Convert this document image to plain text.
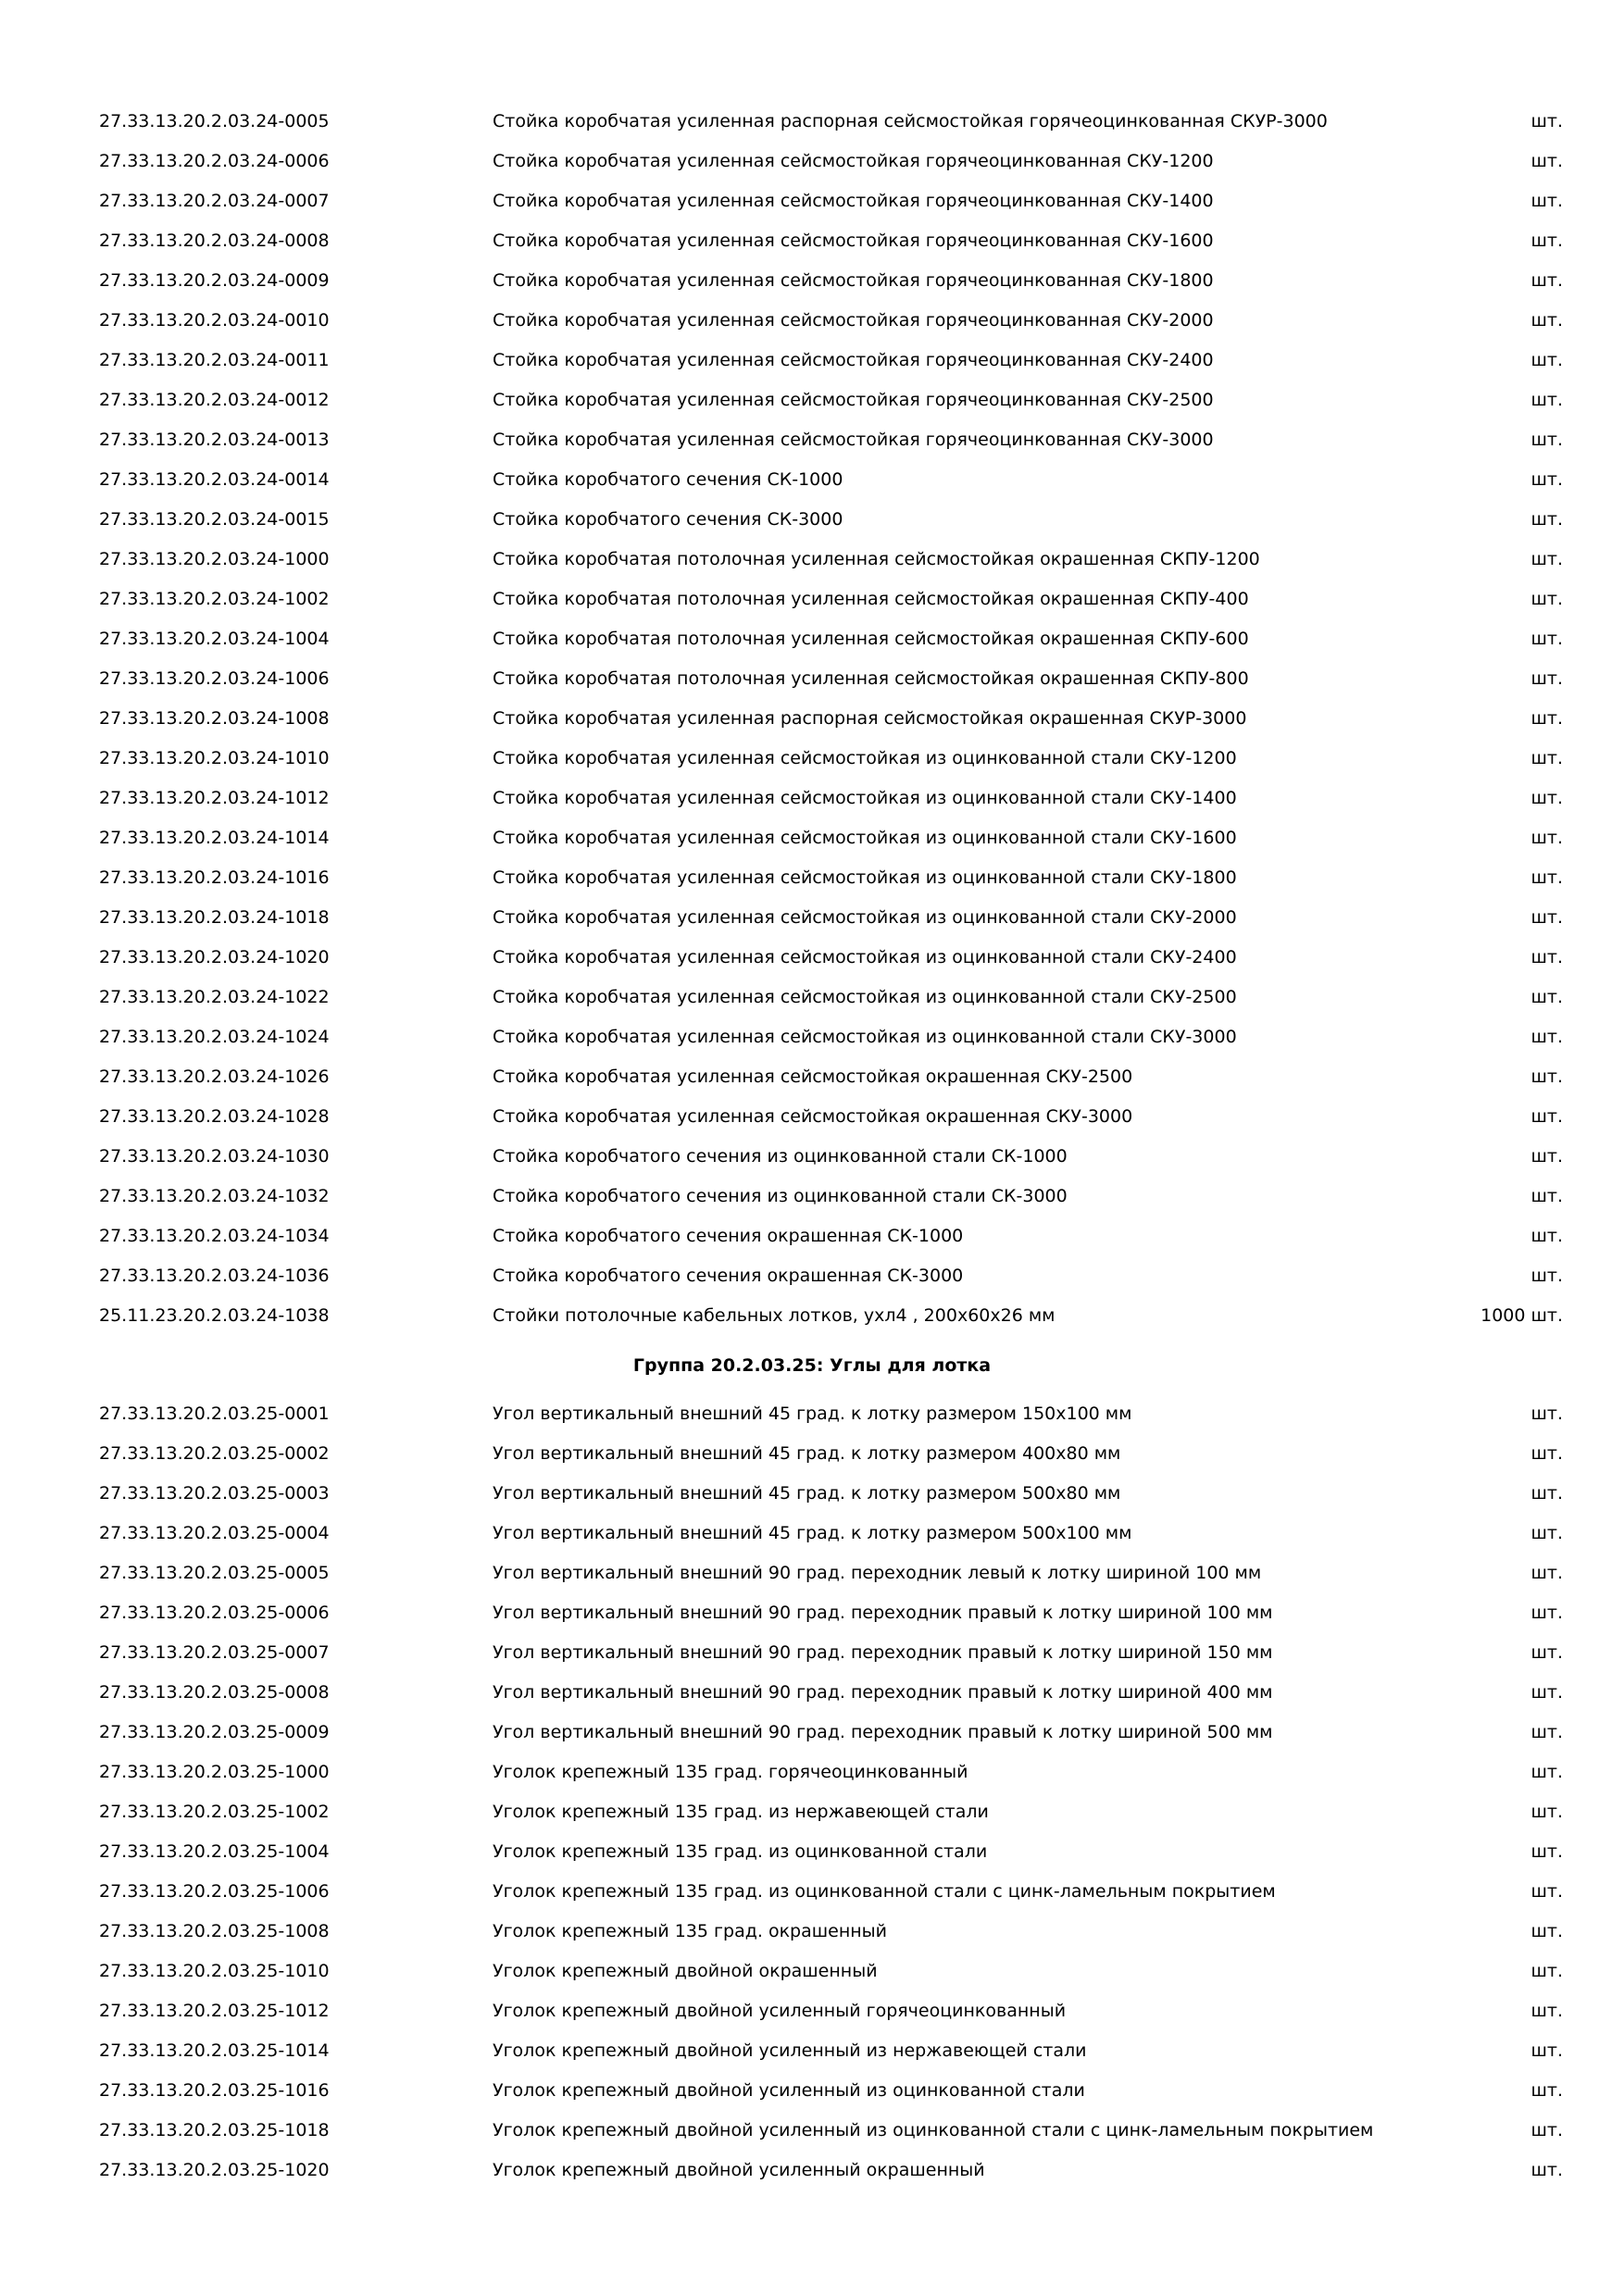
27.33.13.20.2.03.24-0005	Стойка коробчатая усиленная распорная сейсмостойкая горячеоцинкованная СКУР-3000	шт.
27.33.13.20.2.03.24-0006	Стойка коробчатая усиленная сейсмостойкая горячеоцинкованная СКУ-1200	шт.
27.33.13.20.2.03.24-0007	Стойка коробчатая усиленная сейсмостойкая горячеоцинкованная СКУ-1400	шт.
27.33.13.20.2.03.24-0008	Стойка коробчатая усиленная сейсмостойкая горячеоцинкованная СКУ-1600	шт.
27.33.13.20.2.03.24-0009	Стойка коробчатая усиленная сейсмостойкая горячеоцинкованная СКУ-1800	шт.
27.33.13.20.2.03.24-0010	Стойка коробчатая усиленная сейсмостойкая горячеоцинкованная СКУ-2000	шт.
27.33.13.20.2.03.24-0011	Стойка коробчатая усиленная сейсмостойкая горячеоцинкованная СКУ-2400	шт.
27.33.13.20.2.03.24-0012	Стойка коробчатая усиленная сейсмостойкая горячеоцинкованная СКУ-2500	шт.
27.33.13.20.2.03.24-0013	Стойка коробчатая усиленная сейсмостойкая горячеоцинкованная СКУ-3000	шт.
27.33.13.20.2.03.24-0014	Стойка коробчатого сечения СК-1000	шт.
27.33.13.20.2.03.24-0015	Стойка коробчатого сечения СК-3000	шт.
27.33.13.20.2.03.24-1000	Стойка коробчатая потолочная усиленная сейсмостойкая окрашенная СКПУ-1200	шт.
27.33.13.20.2.03.24-1002	Стойка коробчатая потолочная усиленная сейсмостойкая окрашенная СКПУ-400	шт.
27.33.13.20.2.03.24-1004	Стойка коробчатая потолочная усиленная сейсмостойкая окрашенная СКПУ-600	шт.
27.33.13.20.2.03.24-1006	Стойка коробчатая потолочная усиленная сейсмостойкая окрашенная СКПУ-800	шт.
27.33.13.20.2.03.24-1008	Стойка коробчатая усиленная распорная сейсмостойкая окрашенная СКУР-3000	шт.
27.33.13.20.2.03.24-1010	Стойка коробчатая усиленная сейсмостойкая из оцинкованной стали СКУ-1200	шт.
27.33.13.20.2.03.24-1012	Стойка коробчатая усиленная сейсмостойкая из оцинкованной стали СКУ-1400	шт.
27.33.13.20.2.03.24-1014	Стойка коробчатая усиленная сейсмостойкая из оцинкованной стали СКУ-1600	шт.
27.33.13.20.2.03.24-1016	Стойка коробчатая усиленная сейсмостойкая из оцинкованной стали СКУ-1800	шт.
27.33.13.20.2.03.24-1018	Стойка коробчатая усиленная сейсмостойкая из оцинкованной стали СКУ-2000	шт.
27.33.13.20.2.03.24-1020	Стойка коробчатая усиленная сейсмостойкая из оцинкованной стали СКУ-2400	шт.
27.33.13.20.2.03.24-1022	Стойка коробчатая усиленная сейсмостойкая из оцинкованной стали СКУ-2500	шт.
27.33.13.20.2.03.24-1024	Стойка коробчатая усиленная сейсмостойкая из оцинкованной стали СКУ-3000	шт.
27.33.13.20.2.03.24-1026	Стойка коробчатая усиленная сейсмостойкая окрашенная СКУ-2500	шт.
27.33.13.20.2.03.24-1028	Стойка коробчатая усиленная сейсмостойкая окрашенная СКУ-3000	шт.
27.33.13.20.2.03.24-1030	Стойка коробчатого сечения из оцинкованной стали СК-1000	шт.
27.33.13.20.2.03.24-1032	Стойка коробчатого сечения из оцинкованной стали СК-3000	шт.
27.33.13.20.2.03.24-1034	Стойка коробчатого сечения окрашенная СК-1000	шт.
27.33.13.20.2.03.24-1036	Стойка коробчатого сечения окрашенная СК-3000	шт.
25.11.23.20.2.03.24-1038	Стойки потолочные кабельных лотков, ухл4 , 200х60х26 мм	1000 шт.
Группа 20.2.03.25: Углы для лотка
27.33.13.20.2.03.25-0001	Угол вертикальный внешний 45 град. к лотку размером 150х100 мм	шт.
27.33.13.20.2.03.25-0002	Угол вертикальный внешний 45 град. к лотку размером 400х80 мм	шт.
27.33.13.20.2.03.25-0003	Угол вертикальный внешний 45 град. к лотку размером 500х80 мм	шт.
27.33.13.20.2.03.25-0004	Угол вертикальный внешний 45 град. к лотку размером 500х100 мм	шт.
27.33.13.20.2.03.25-0005	Угол вертикальный внешний 90 град. переходник левый к лотку шириной 100 мм	шт.
27.33.13.20.2.03.25-0006	Угол вертикальный внешний 90 град. переходник правый к лотку шириной 100 мм	шт.
27.33.13.20.2.03.25-0007	Угол вертикальный внешний 90 град. переходник правый к лотку шириной 150 мм	шт.
27.33.13.20.2.03.25-0008	Угол вертикальный внешний 90 град. переходник правый к лотку шириной 400 мм	шт.
27.33.13.20.2.03.25-0009	Угол вертикальный внешний 90 град. переходник правый к лотку шириной 500 мм	шт.
27.33.13.20.2.03.25-1000	Уголок крепежный 135 град. горячеоцинкованный	шт.
27.33.13.20.2.03.25-1002	Уголок крепежный 135 град. из нержавеющей стали	шт.
27.33.13.20.2.03.25-1004	Уголок крепежный 135 град. из оцинкованной стали	шт.
27.33.13.20.2.03.25-1006	Уголок крепежный 135 град. из оцинкованной стали с цинк-ламельным покрытием	шт.
27.33.13.20.2.03.25-1008	Уголок крепежный 135 град. окрашенный	шт.
27.33.13.20.2.03.25-1010	Уголок крепежный двойной окрашенный	шт.
27.33.13.20.2.03.25-1012	Уголок крепежный двойной усиленный горячеоцинкованный	шт.
27.33.13.20.2.03.25-1014	Уголок крепежный двойной усиленный из нержавеющей стали	шт.
27.33.13.20.2.03.25-1016	Уголок крепежный двойной усиленный из оцинкованной стали	шт.
27.33.13.20.2.03.25-1018	Уголок крепежный двойной усиленный из оцинкованной стали с цинк-ламельным покрытием	шт.
27.33.13.20.2.03.25-1020	Уголок крепежный двойной усиленный окрашенный	шт.
